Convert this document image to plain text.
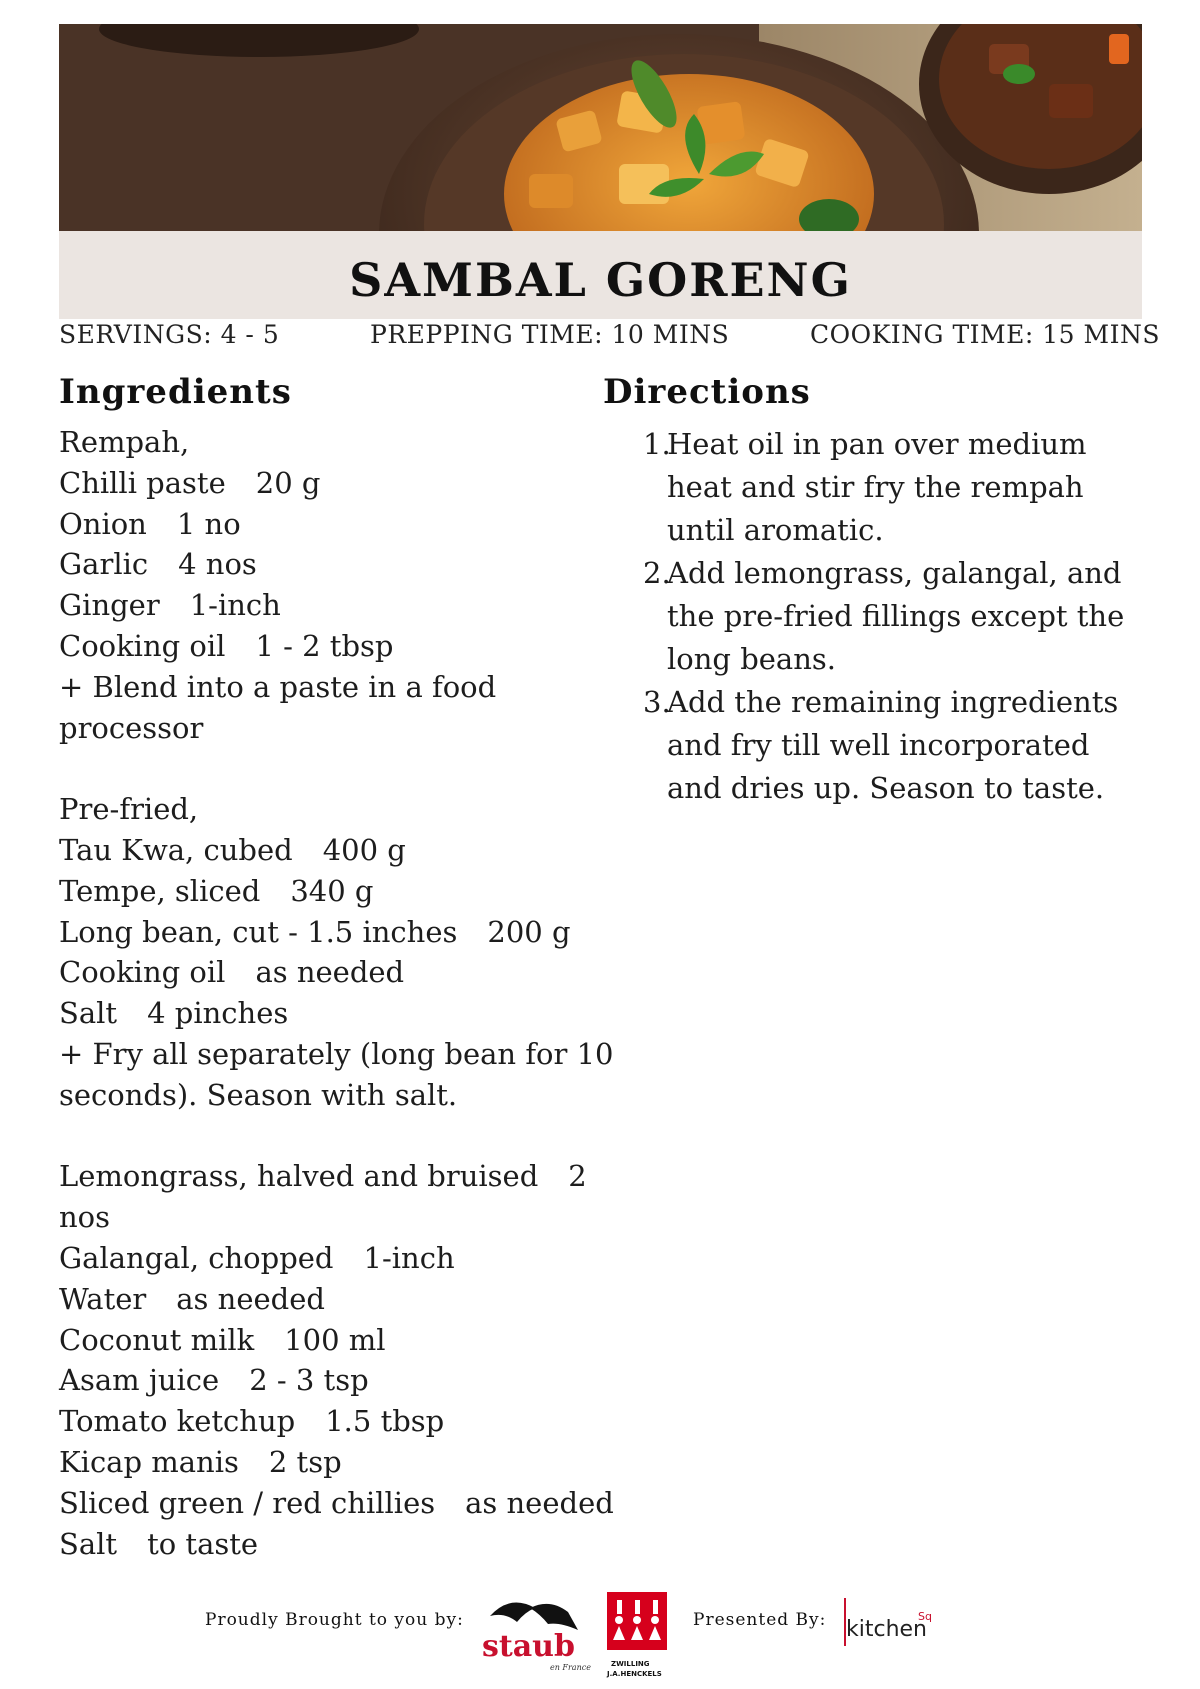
SAMBAL GORENG
SERVINGS: 4 - 5	PREPPING TIME: 10 MINS	COOKING TIME: 15 MINS
Ingredients	Directions
Rempah,
Chilli paste 20 g
Onion 1 no
Garlic 4 nos
Ginger 1-inch
Cooking oil 1 - 2 tbsp
+ Blend into a paste in a food processor
Pre-fried,
Tau Kwa, cubed 400 g
Tempe, sliced 340 g
Long bean, cut - 1.5 inches 200 g
Cooking oil as needed
Salt 4 pinches
+ Fry all separately (long bean for 10 seconds). Season with salt.
Lemongrass, halved and bruised 2 nos
Galangal, chopped 1-inch
Water as needed
Coconut milk 100 ml
Asam juice 2 - 3 tsp
Tomato ketchup 1.5 tbsp
Kicap manis 2 tsp
Sliced green / red chillies as needed
Salt to taste
1.
Heat oil in pan over medium heat and stir fry the rempah until aromatic.
2.
Add lemongrass, galangal, and the pre-fried fillings except the long beans.
3.
Add the remaining ingredients and fry till well incorporated and dries up. Season to taste.
Proudly Brought to you by:	Presented By:
staub
en France	ZWILLING
J.A.HENCKELS
kitchen
Sq
